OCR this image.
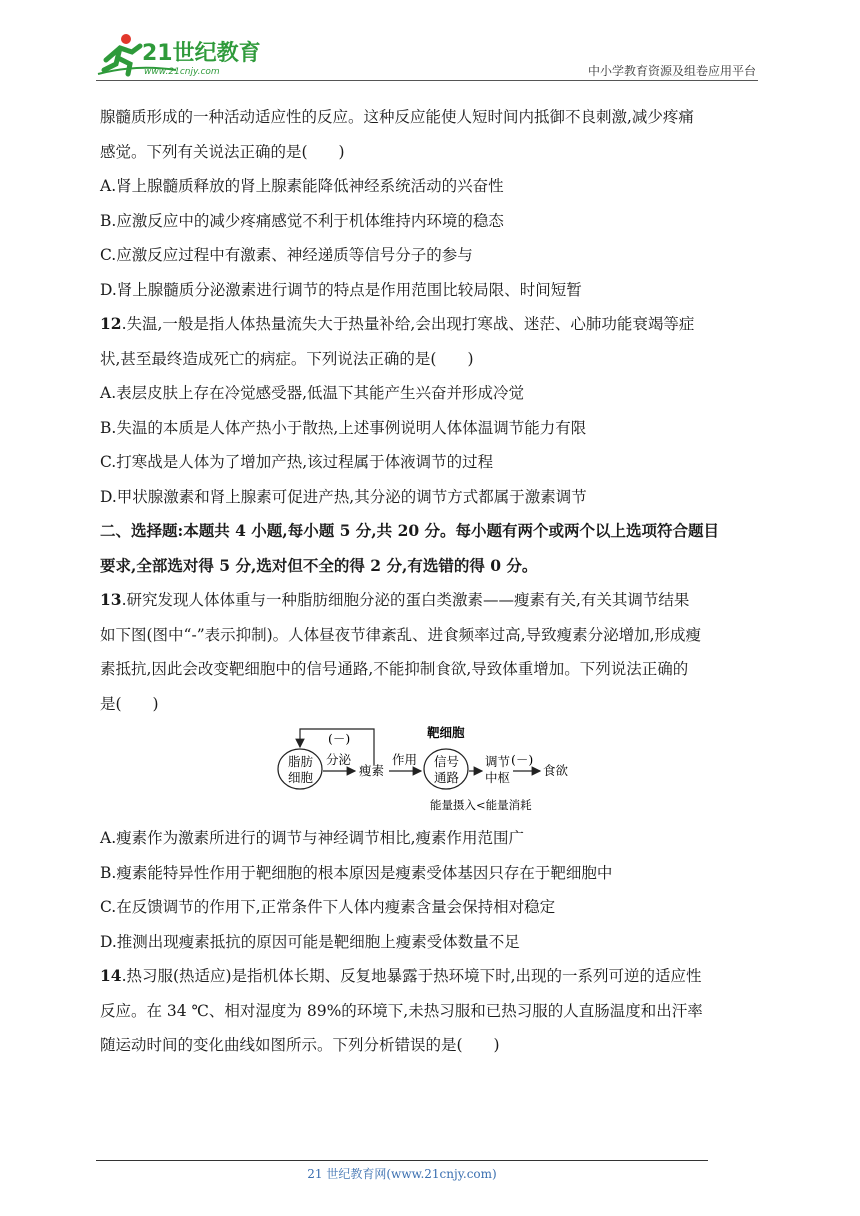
21世纪教育
www.21cnjy.com	中小学教育资源及组卷应用平台
腺髓质形成的一种活动适应性的反应。这种反应能使人短时间内抵御不良刺激,减少疼痛
感觉。下列有关说法正确的是(　　)
A.肾上腺髓质释放的肾上腺素能降低神经系统活动的兴奋性
B.应激反应中的减少疼痛感觉不利于机体维持内环境的稳态
C.应激反应过程中有激素、神经递质等信号分子的参与
D.肾上腺髓质分泌激素进行调节的特点是作用范围比较局限、时间短暂
12.失温,一般是指人体热量流失大于热量补给,会出现打寒战、迷茫、心肺功能衰竭等症
状,甚至最终造成死亡的病症。下列说法正确的是(　　)
A.表层皮肤上存在冷觉感受器,低温下其能产生兴奋并形成冷觉
B.失温的本质是人体产热小于散热,上述事例说明人体体温调节能力有限
C.打寒战是人体为了增加产热,该过程属于体液调节的过程
D.甲状腺激素和肾上腺素可促进产热,其分泌的调节方式都属于激素调节
二、选择题:本题共 4 小题,每小题 5 分,共 20 分。每小题有两个或两个以上选项符合题目
要求,全部选对得 5 分,选对但不全的得 2 分,有选错的得 0 分。
13.研究发现人体体重与一种脂肪细胞分泌的蛋白类激素——瘦素有关,有关其调节结果
如下图(图中“-”表示抑制)。人体昼夜节律紊乱、进食频率过高,导致瘦素分泌增加,形成瘦
素抵抗,因此会改变靶细胞中的信号通路,不能抑制食欲,导致体重增加。下列说法正确的
是(　　)
(－)
脂肪
细胞
分泌
瘦素
作用
靶细胞
信号
通路
调节
中枢
(－)
食欲
能量摄入<能量消耗
A.瘦素作为激素所进行的调节与神经调节相比,瘦素作用范围广
B.瘦素能特异性作用于靶细胞的根本原因是瘦素受体基因只存在于靶细胞中
C.在反馈调节的作用下,正常条件下人体内瘦素含量会保持相对稳定
D.推测出现瘦素抵抗的原因可能是靶细胞上瘦素受体数量不足
14.热习服(热适应)是指机体长期、反复地暴露于热环境下时,出现的一系列可逆的适应性
反应。在 34 ℃、相对湿度为 89%的环境下,未热习服和已热习服的人直肠温度和出汗率
随运动时间的变化曲线如图所示。下列分析错误的是(　　)
21 世纪教育网(www.21cnjy.com)
